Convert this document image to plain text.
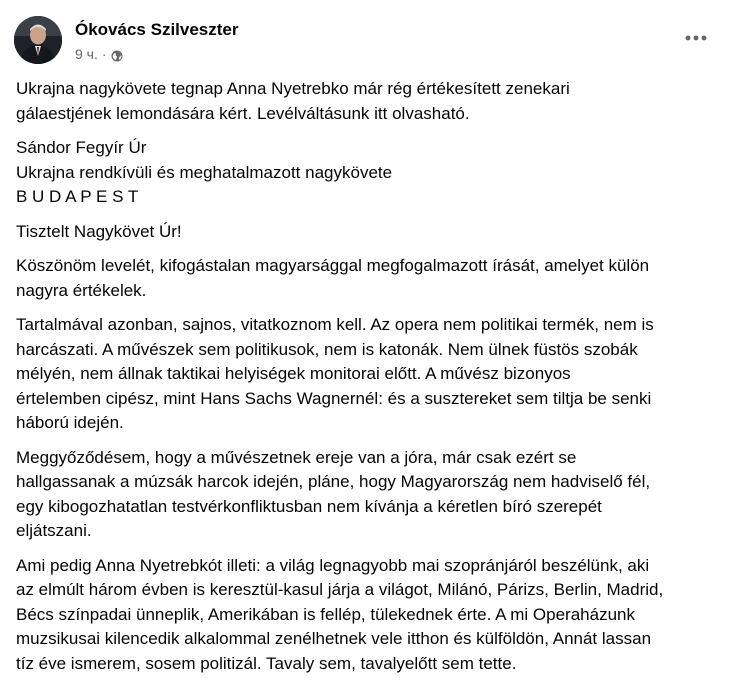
Ókovács Szilveszter
9 ч. ·

Ukrajna nagykövete tegnap Anna Nyetrebko már rég értékesített zenekari
gálaestjének lemondására kért. Levélváltásunk itt olvasható.

Sándor Fegyír Úr
Ukrajna rendkívüli és meghatalmazott nagykövete
B U D A P E S T

Tisztelt Nagykövet Úr!

Köszönöm levelét, kifogástalan magyarsággal megfogalmazott írását, amelyet külön
nagyra értékelek.

Tartalmával azonban, sajnos, vitatkoznom kell. Az opera nem politikai termék, nem is
harcászati. A művészek sem politikusok, nem is katonák. Nem ülnek füstös szobák
mélyén, nem állnak taktikai helyiségek monitorai előtt. A művész bizonyos
értelemben cipész, mint Hans Sachs Wagnernél: és a susztereket sem tiltja be senki
háború idején.

Meggyőződésem, hogy a művészetnek ereje van a jóra, már csak ezért se
hallgassanak a múzsák harcok idején, pláne, hogy Magyarország nem hadviselő fél,
egy kibogozhatatlan testvérkonfliktusban nem kívánja a kéretlen bíró szerepét
eljátszani.

Ami pedig Anna Nyetrebkót illeti: a világ legnagyobb mai szopránjáról beszélünk, aki
az elmúlt három évben is keresztül-kasul járja a világot, Milánó, Párizs, Berlin, Madrid,
Bécs színpadai ünneplik, Amerikában is fellép, tülekednek érte. A mi Operaházunk
muzsikusai kilencedik alkalommal zenélhetnek vele itthon és külföldön, Annát lassan
tíz éve ismerem, sosem politizál. Tavaly sem, tavalyelőtt sem tette.
